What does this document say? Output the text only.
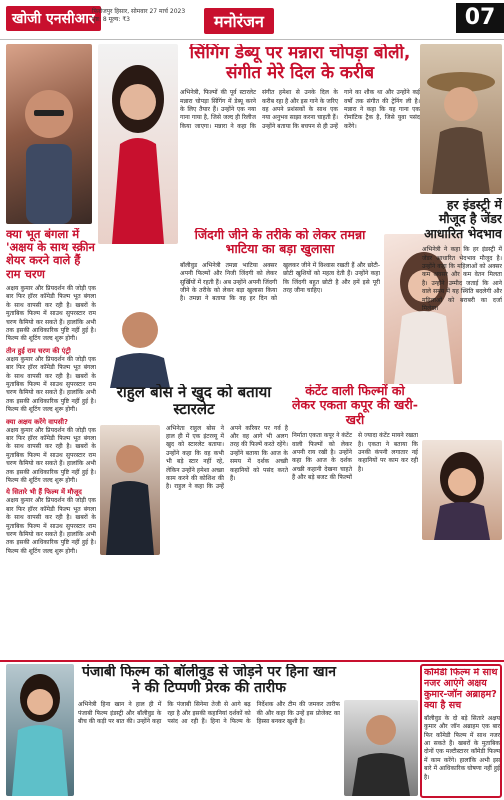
खोजी एनसीआर
फिरोजपुर हिसार, सोमवार 27 मार्च 2023
पृष्ठ: 8 मूल्य: ₹3	मनोरंजन	07
क्या भूत बंगला में 'अक्षय के साथ स्क्रीन शेयर करने वाले हैं राम चरण
अक्षय कुमार और प्रियदर्शन की जोड़ी एक बार फिर हॉरर कॉमेडी फिल्म भूत बंगला के साथ वापसी कर रही है। खबरों के मुताबिक फिल्म में साउथ सुपरस्टार राम चरण कैमियो कर सकते हैं। हालांकि अभी तक इसकी आधिकारिक पुष्टि नहीं हुई है। फिल्म की शूटिंग जल्द शुरू होगी।
तीन हुई राम चरण की एंट्री
अक्षय कुमार और प्रियदर्शन की जोड़ी एक बार फिर हॉरर कॉमेडी फिल्म भूत बंगला के साथ वापसी कर रही है। खबरों के मुताबिक फिल्म में साउथ सुपरस्टार राम चरण कैमियो कर सकते हैं। हालांकि अभी तक इसकी आधिकारिक पुष्टि नहीं हुई है। फिल्म की शूटिंग जल्द शुरू होगी।
क्या अक्षय करेंगे वापसी?
अक्षय कुमार और प्रियदर्शन की जोड़ी एक बार फिर हॉरर कॉमेडी फिल्म भूत बंगला के साथ वापसी कर रही है। खबरों के मुताबिक फिल्म में साउथ सुपरस्टार राम चरण कैमियो कर सकते हैं। हालांकि अभी तक इसकी आधिकारिक पुष्टि नहीं हुई है। फिल्म की शूटिंग जल्द शुरू होगी।
ये सितारे भी हैं फिल्म में मौजूद
अक्षय कुमार और प्रियदर्शन की जोड़ी एक बार फिर हॉरर कॉमेडी फिल्म भूत बंगला के साथ वापसी कर रही है। खबरों के मुताबिक फिल्म में साउथ सुपरस्टार राम चरण कैमियो कर सकते हैं। हालांकि अभी तक इसकी आधिकारिक पुष्टि नहीं हुई है। फिल्म की शूटिंग जल्द शुरू होगी।
सिंगिंग डेब्यू पर मन्नारा चोपड़ा बोली, संगीत मेरे दिल के करीब
अभिनेत्री, फिल्मों की पूर्व स्टारलेट मन्नारा चोपड़ा सिंगिंग में डेब्यू करने के लिए तैयार हैं। उन्होंने एक नया गाना गाया है, जिसे जल्द ही रिलीज किया जाएगा। मन्नारा ने कहा कि संगीत हमेशा से उनके दिल के करीब रहा है और इस गाने के जरिए वह अपने प्रशंसकों के साथ एक नया अनुभव साझा करना चाहती हैं। उन्होंने बताया कि बचपन से ही उन्हें गाने का शौक था और उन्होंने कई वर्षों तक संगीत की ट्रेनिंग ली है। मन्नारा ने कहा कि यह गाना एक रोमांटिक ट्रैक है, जिसे युवा पसंद करेंगे।
जिंदगी जीने के तरीके को लेकर तमन्ना भाटिया का बड़ा खुलासा
बॉलीवुड अभिनेत्री तमन्ना भाटिया अक्सर अपनी फिल्मों और निजी जिंदगी को लेकर सुर्खियों में रहती हैं। अब उन्होंने अपनी जिंदगी जीने के तरीके को लेकर बड़ा खुलासा किया है। तमन्ना ने बताया कि वह हर दिन को खुलकर जीने में विश्वास रखती हैं और छोटी-छोटी खुशियों को महत्व देती हैं। उन्होंने कहा कि जिंदगी बहुत छोटी है और हमें इसे पूरी तरह जीना चाहिए।
हर इंडस्ट्री में मौजूद है जेंडर आधारित भेदभाव
अभिनेत्री ने कहा कि हर इंडस्ट्री में जेंडर आधारित भेदभाव मौजूद है। उन्होंने कहा कि महिलाओं को अक्सर कम अवसर और कम वेतन मिलता है। उन्होंने उम्मीद जताई कि आने वाले समय में यह स्थिति बदलेगी और महिलाओं को बराबरी का दर्जा मिलेगा।
राहुल बोस ने खुद को बताया स्टारलेट
अभिनेता राहुल बोस ने हाल ही में एक इंटरव्यू में खुद को स्टारलेट बताया। उन्होंने कहा कि वह कभी भी बड़े स्टार नहीं रहे, लेकिन उन्होंने हमेशा अच्छा काम करने की कोशिश की है। राहुल ने कहा कि उन्हें अपने करियर पर गर्व है और वह आगे भी अलग तरह की फिल्में करते रहेंगे। उन्होंने बताया कि आज के समय में दर्शक अच्छी कहानियों को पसंद करते हैं।
कंटेंट वाली फिल्मों को लेकर एकता कपूर की खरी-खरी
निर्माता एकता कपूर ने कंटेंट वाली फिल्मों को लेकर अपनी राय रखी है। उन्होंने कहा कि आज के दर्शक अच्छी कहानी देखना चाहते हैं और बड़े बजट की फिल्मों से ज्यादा कंटेंट मायने रखता है। एकता ने बताया कि उनकी कंपनी लगातार नई कहानियों पर काम कर रही है।
पंजाबी फिल्म को बॉलीवुड से जोड़ने पर हिना खान ने की टिप्पणी प्रेरक की तारीफ
अभिनेत्री हिना खान ने हाल ही में पंजाबी फिल्म इंडस्ट्री और बॉलीवुड के बीच की कड़ी पर बात की। उन्होंने कहा कि पंजाबी सिनेमा तेजी से आगे बढ़ रहा है और इसकी कहानियां दर्शकों को पसंद आ रही हैं। हिना ने फिल्म के निर्देशक और टीम की जमकर तारीफ की और कहा कि उन्हें इस प्रोजेक्ट का हिस्सा बनकर खुशी है।
कॉमेडी फिल्म में साथ नजर आएंगे अक्षय कुमार-जॉन अब्राहम? क्या है सच
बॉलीवुड के दो बड़े सितारे अक्षय कुमार और जॉन अब्राहम एक बार फिर कॉमेडी फिल्म में साथ नजर आ सकते हैं। खबरों के मुताबिक दोनों एक मल्टीस्टारर कॉमेडी फिल्म में काम करेंगे। हालांकि अभी इस बारे में आधिकारिक घोषणा नहीं हुई है।
